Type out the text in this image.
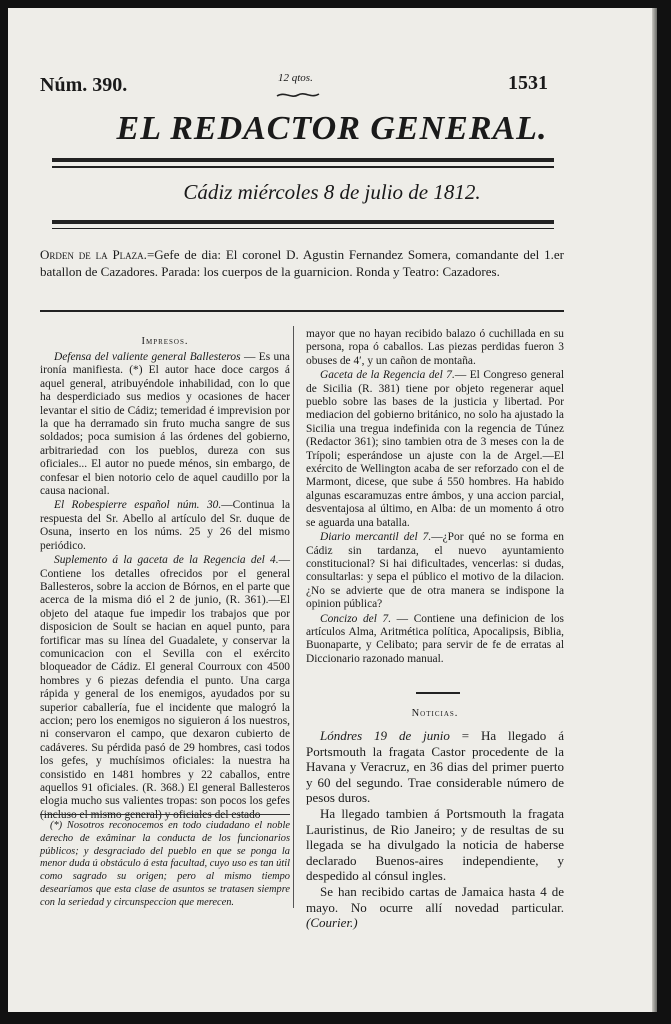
Núm. 390.	12 qtos.	1531
EL REDACTOR GENERAL.
Cádiz miércoles 8 de julio de 1812.
Orden de la Plaza.=Gefe de dia: El coronel D. Agustin Fernandez Somera, comandante del 1.er batallon de Cazadores. Parada: los cuerpos de la guarnicion. Ronda y Teatro: Cazadores.
Impresos.

Defensa del valiente general Ballesteros — Es una ironía manifiesta. (*) El autor hace doce cargos á aquel general, atribuyéndole inhabilidad, con lo que ha desperdiciado sus medios y ocasiones de hacer levantar el sitio de Cádiz; temeridad é imprevision por la que ha derramado sin fruto mucha sangre de sus soldados; poca sumision á las órdenes del gobierno, arbitrariedad con los pueblos, dureza con sus oficiales... El autor no puede ménos, sin embargo, de confesar el bien notorio celo de aquel caudillo por la causa nacional.

El Robespierre español núm. 30.—Continua la respuesta del Sr. Abello al artículo del Sr. duque de Osuna, inserto en los núms. 25 y 26 del mismo periódico.

Suplemento á la gaceta de la Regencia del 4.— Contiene los detalles ofrecidos por el general Ballesteros, sobre la accion de Bórnos, en el parte que acerca de la misma dió el 2 de junio, (R. 361).—El objeto del ataque fue impedir los trabajos que por disposicion de Soult se hacian en aquel punto, para fortificar mas su línea del Guadalete, y conservar la comunicacion con el Sevilla con el exército bloqueador de Cádiz. El general Courroux con 4500 hombres y 6 piezas defendia el punto. Una carga rápida y general de los enemigos, ayudados por su superior caballería, fue el incidente que malogró la accion; pero los enemigos no siguieron á los nuestros, ni conservaron el campo, que dexaron cubierto de cadáveres. Su pérdida pasó de 29 hombres, casi todos los gefes, y muchísimos oficiales: la nuestra ha consistido en 1481 hombres y 22 caballos, entre aquellos 91 oficiales. (R. 368.) El general Ballesteros elogia mucho sus valientes tropas: son pocos los gefes

(*) Nosotros reconocemos en todo ciudadano el noble derecho de exâminar la conducta de los funcionarios públicos; y desgraciado del pueblo en que se ponga la menor duda ú obstáculo á esta facultad, cuyo uso es tan útil como sagrado su origen; pero al mismo tiempo desearíamos que esta clase de asuntos se tratasen siempre con la seriedad y circunspeccion que merecen.

mayor que no hayan recibido balazo ó cuchillada en su persona, ropa ó caballos. Las piezas perdidas fueron 3 obuses de 4′, y un cañon de montaña.

Gaceta de la Regencia del 7.— El Congreso general de Sicilia (R. 381) tiene por objeto regenerar aquel pueblo sobre las bases de la justicia y libertad. Por mediacion del gobierno británico, no solo ha ajustado la Sicilia una tregua indefinida con la regencia de Túnez (Redactor 361); sino tambien otra de 3 meses con la de Trípoli; esperándose un ajuste con la de Argel.—El exército de Wellington acaba de ser reforzado con el de Marmont, dicese, que sube á 550 hombres. Ha habido algunas escaramuzas entre ámbos, y una accion parcial, desventajosa al último, en Alba: de un momento á otro se aguarda una batalla.

Diario mercantil del 7.—¿Por qué no se forma en Cádiz sin tardanza, el nuevo ayuntamiento constitucional? Si hai dificultades, vencerlas: si dudas, consultarlas: y sepa el público el motivo de la dilacion. ¿No se advierte que de otra manera se indispone la opinion pública?

Concizo del 7. — Contiene una definicion de los artículos Alma, Aritmética política, Apocalipsis, Biblia, Buonaparte, y Celibato; para servir de fe de erratas al Diccionario razonado manual.

Noticias.

Lóndres 19 de junio = Ha llegado á Portsmouth la fragata Castor procedente de la Havana y Veracruz, en 36 dias del primer puerto y 60 del segundo. Trae considerable número de pesos duros.

Ha llegado tambien á Portsmouth la fragata Lauristinus, de Rio Janeiro; y de resultas de su llegada se ha divulgado la noticia de haberse declarado Buenos-aires independiente, y despedido al cónsul ingles.

Se han recibido cartas de Jamaica hasta 4 de mayo. No ocurre allí novedad particular. (Courier.)
